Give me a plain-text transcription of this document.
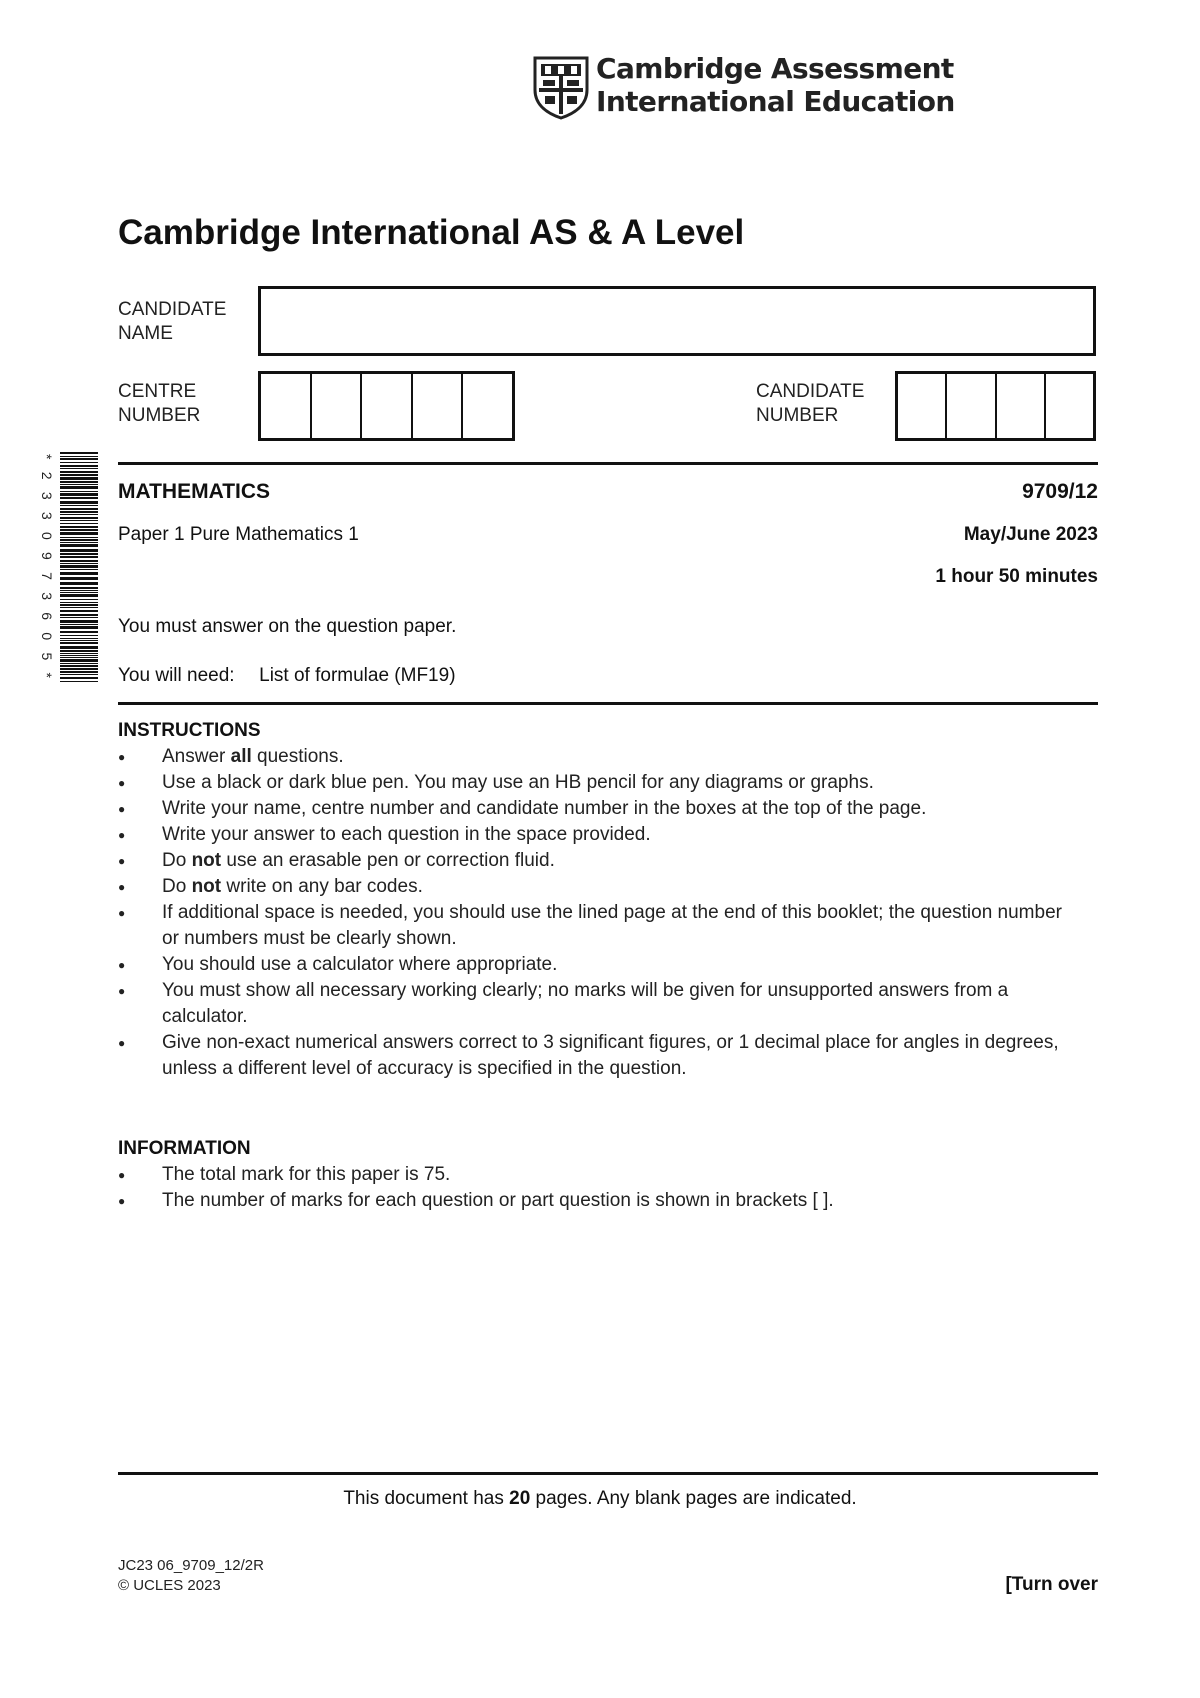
Cambridge Assessment
International Education
Cambridge International AS & A Level
CANDIDATE
NAME
CENTRE
NUMBER
CANDIDATE
NUMBER
*2330973605*
MATHEMATICS	9709/12
Paper 1 Pure Mathematics 1	May/June 2023
1 hour 50 minutes
You must answer on the question paper.
You will need: List of formulae (MF19)
INSTRUCTIONS
● Answer all questions.
● Use a black or dark blue pen. You may use an HB pencil for any diagrams or graphs.
● Write your name, centre number and candidate number in the boxes at the top of the page.
● Write your answer to each question in the space provided.
● Do not use an erasable pen or correction fluid.
● Do not write on any bar codes.
● If additional space is needed, you should use the lined page at the end of this booklet; the question number or numbers must be clearly shown.
● You should use a calculator where appropriate.
● You must show all necessary working clearly; no marks will be given for unsupported answers from a calculator.
● Give non-exact numerical answers correct to 3 significant figures, or 1 decimal place for angles in degrees, unless a different level of accuracy is specified in the question.
INFORMATION
● The total mark for this paper is 75.
● The number of marks for each question or part question is shown in brackets [ ].
This document has 20 pages. Any blank pages are indicated.
JC23 06_9709_12/2R
© UCLES 2023	[Turn over
